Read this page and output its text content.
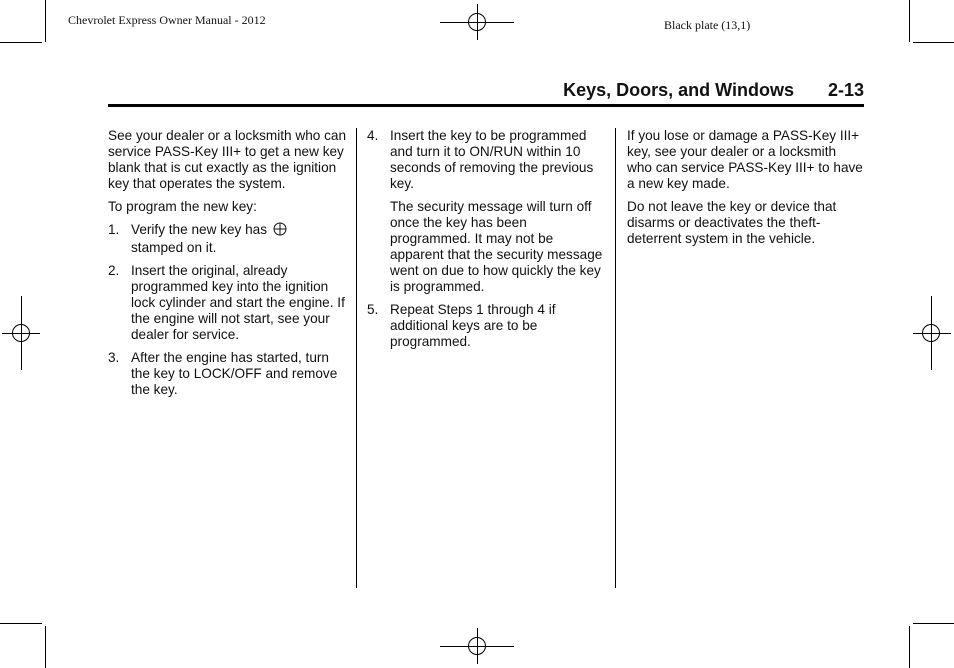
Chevrolet Express Owner Manual - 2012	Black plate (13,1)
Keys, Doors, and Windows 2-13

See your dealer or a locksmith who can service PASS-Key III+ to get a new key blank that is cut exactly as the ignition key that operates the system.

To program the new key:

1. Verify the new key has
stamped on it.

2. Insert the original, already programmed key into the ignition lock cylinder and start the engine. If the engine will not start, see your dealer for service.

3. After the engine has started, turn the key to LOCK/OFF and remove the key.

4. Insert the key to be programmed and turn it to ON/RUN within 10 seconds of removing the previous key.

The security message will turn off once the key has been programmed. It may not be apparent that the security message went on due to how quickly the key is programmed.

5. Repeat Steps 1 through 4 if additional keys are to be programmed.

If you lose or damage a PASS-Key III+ key, see your dealer or a locksmith who can service PASS-Key III+ to have a new key made.

Do not leave the key or device that disarms or deactivates the theft-deterrent system in the vehicle.
